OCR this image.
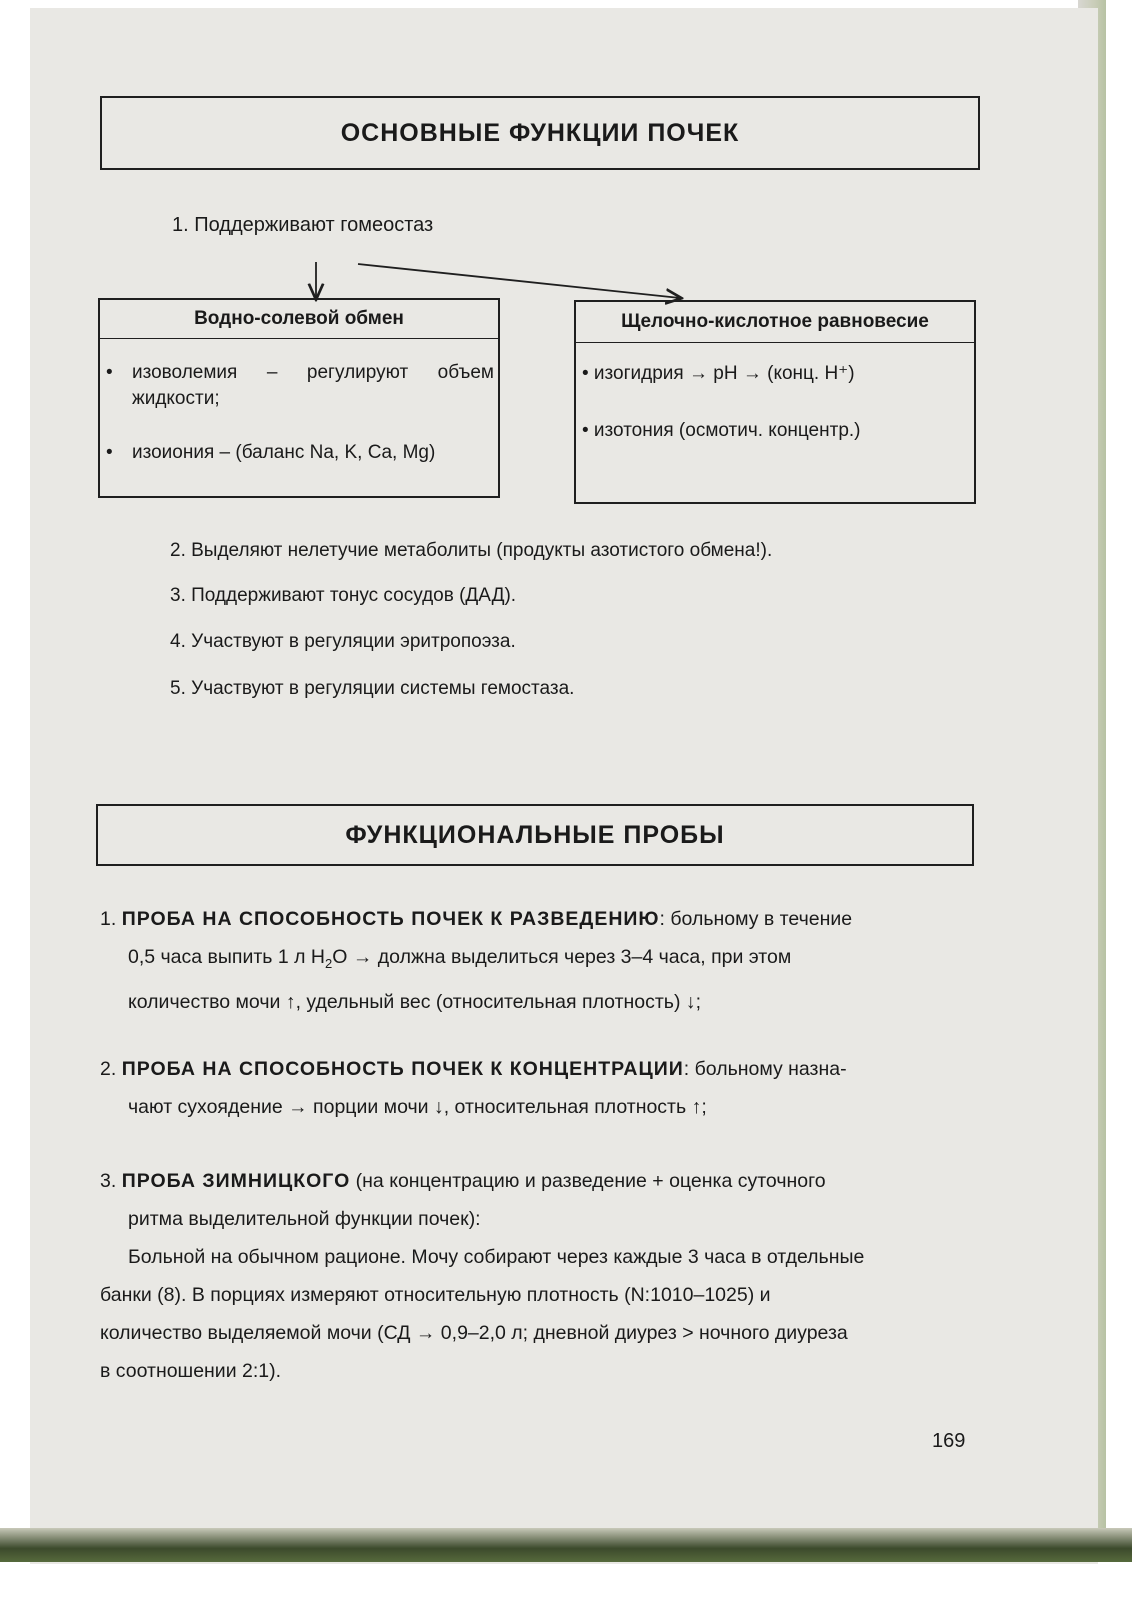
ОСНОВНЫЕ ФУНКЦИИ ПОЧЕК
1. Поддерживают гомеостаз
Водно-солевой обмен
•	изоволемия – регулируют объем жидкости;
•	изоиония – (баланс Na, K, Ca, Mg)
Щелочно-кислотное равновесие
• изогидрия → pH → (конц. H⁺)
• изотония (осмотич. концентр.)
2. Выделяют нелетучие метаболиты (продукты азотистого обмена!).
3. Поддерживают тонус сосудов (ДАД).
4. Участвуют в регуляции эритропоэза.
5. Участвуют в регуляции системы гемостаза.
ФУНКЦИОНАЛЬНЫЕ ПРОБЫ
1. ПРОБА НА СПОСОБНОСТЬ ПОЧЕК К РАЗВЕДЕНИЮ: больному в течение
0,5 часа выпить 1 л $H_2O$ → должна выделиться через 3–4 часа, при этом
количество мочи ↑, удельный вес (относительная плотность) ↓;
2. ПРОБА НА СПОСОБНОСТЬ ПОЧЕК К КОНЦЕНТРАЦИИ: больному назна-
чают сухоядение → порции мочи ↓, относительная плотность ↑;
3. ПРОБА ЗИМНИЦКОГО (на концентрацию и разведение + оценка суточного
ритма выделительной функции почек):
Больной на обычном рационе. Мочу собирают через каждые 3 часа в отдельные
банки (8). В порциях измеряют относительную плотность (N:1010–1025) и
количество выделяемой мочи (СД → 0,9–2,0 л; дневной диурез > ночного диуреза
в соотношении 2:1).
169
